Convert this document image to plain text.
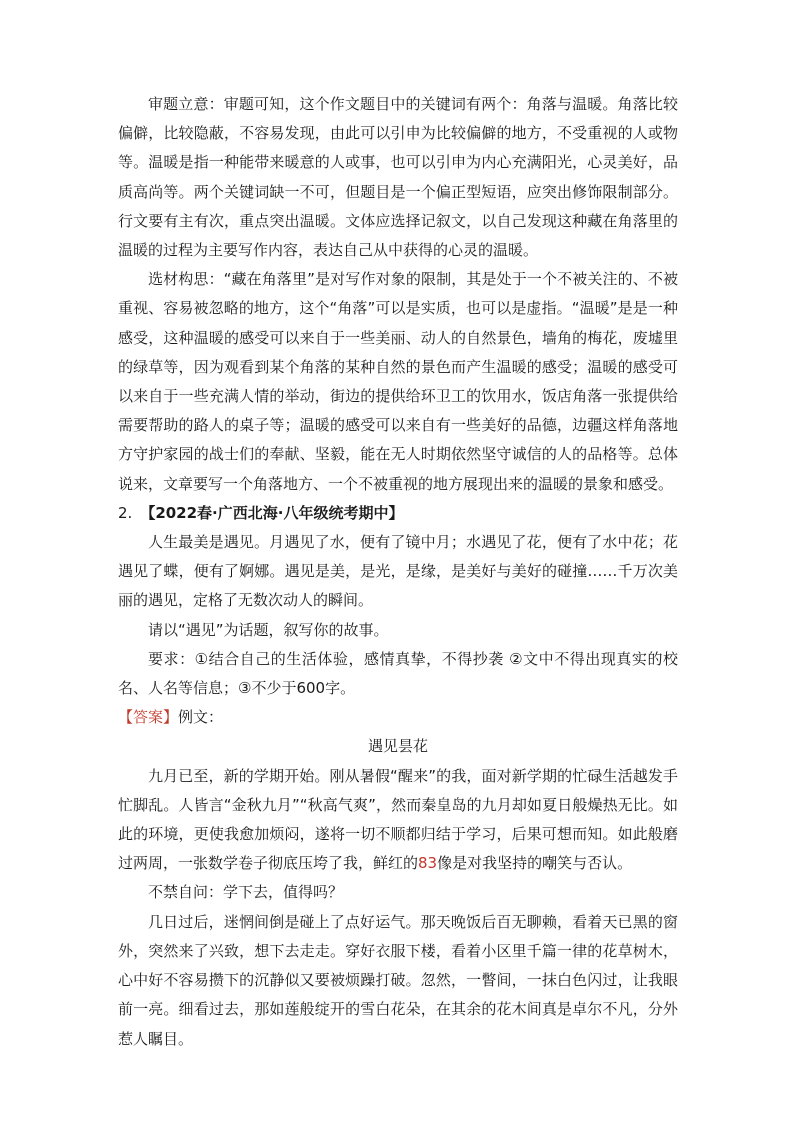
审题立意：审题可知，这个作文题目中的关键词有两个：角落与温暖。角落比较偏僻，比较隐蔽，不容易发现，由此可以引申为比较偏僻的地方，不受重视的人或物等。温暖是指一种能带来暖意的人或事，也可以引申为内心充满阳光，心灵美好，品质高尚等。两个关键词缺一不可，但题目是一个偏正型短语，应突出修饰限制部分。行文要有主有次，重点突出温暖。文体应选择记叙文，以自己发现这种藏在角落里的温暖的过程为主要写作内容，表达自己从中获得的心灵的温暖。

选材构思：“藏在角落里”是对写作对象的限制，其是处于一个不被关注的、不被重视、容易被忽略的地方，这个“角落”可以是实质，也可以是虚指。“温暖”是是一种感受，这种温暖的感受可以来自于一些美丽、动人的自然景色，墙角的梅花，废墟里的绿草等，因为观看到某个角落的某种自然的景色而产生温暖的感受；温暖的感受可以来自于一些充满人情的举动，街边的提供给环卫工的饮用水，饭店角落一张提供给需要帮助的路人的桌子等；温暖的感受可以来自有一些美好的品德，边疆这样角落地方守护家园的战士们的奉献、坚毅，能在无人时期依然坚守诚信的人的品格等。总体说来，文章要写一个角落地方、一个不被重视的地方展现出来的温暖的景象和感受。

2. 【2022春·广西北海·八年级统考期中】

人生最美是遇见。月遇见了水，便有了镜中月；水遇见了花，便有了水中花；花遇见了蝶，便有了婀娜。遇见是美，是光，是缘，是美好与美好的碰撞……千万次美丽的遇见，定格了无数次动人的瞬间。

请以“遇见”为话题，叙写你的故事。

要求：①结合自己的生活体验，感情真挚，不得抄袭 ②文中不得出现真实的校名、人名等信息；③不少于600字。

【答案】例文：

遇见昙花

九月已至，新的学期开始。刚从暑假“醒来”的我，面对新学期的忙碌生活越发手忙脚乱。人皆言“金秋九月”“秋高气爽”，然而秦皇岛的九月却如夏日般燥热无比。如此的环境，更使我愈加烦闷，遂将一切不顺都归结于学习，后果可想而知。如此般磨过两周，一张数学卷子彻底压垮了我，鲜红的83像是对我坚持的嘲笑与否认。

不禁自问：学下去，值得吗？

几日过后，迷惘间倒是碰上了点好运气。那天晚饭后百无聊赖，看着天已黑的窗外，突然来了兴致，想下去走走。穿好衣服下楼，看着小区里千篇一律的花草树木，心中好不容易攒下的沉静似又要被烦躁打破。忽然，一瞥间，一抹白色闪过，让我眼前一亮。细看过去，那如莲般绽开的雪白花朵，在其余的花木间真是卓尔不凡，分外惹人瞩目。
